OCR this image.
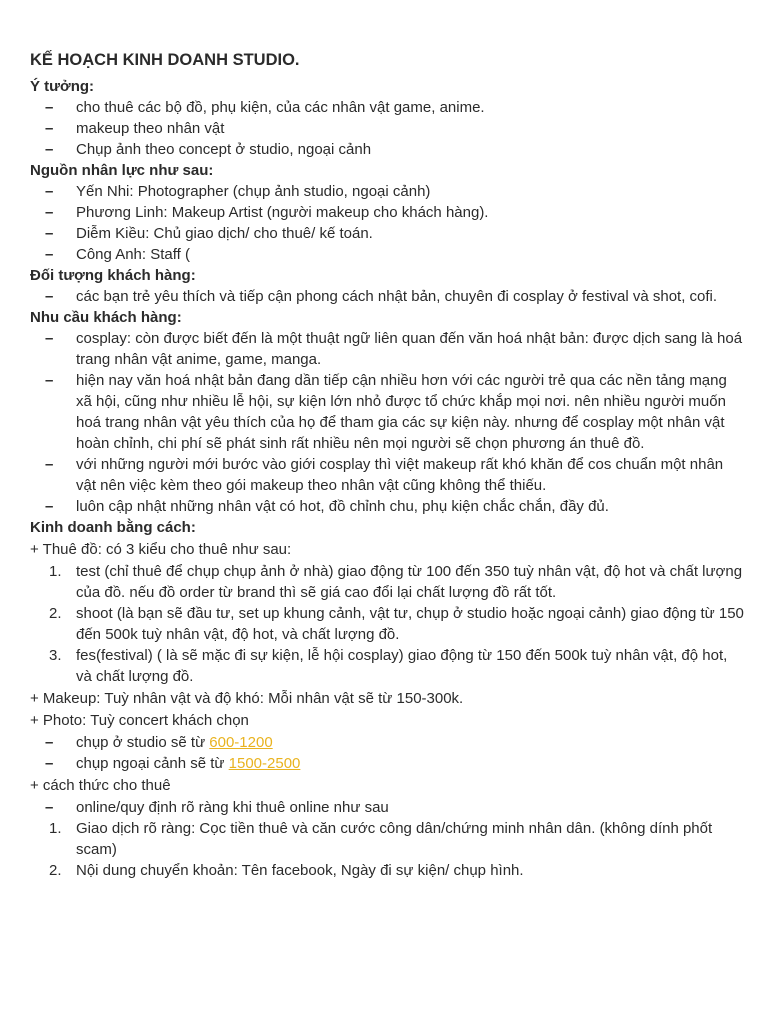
KẾ HOẠCH KINH DOANH STUDIO.
Ý tưởng:
– cho thuê các bộ đồ, phụ kiện, của các nhân vật game, anime.
– makeup theo nhân vật
– Chụp ảnh theo concept ở studio, ngoại cảnh
Nguồn nhân lực như sau:
– Yến Nhi: Photographer (chụp ảnh studio, ngoại cảnh)
– Phương Linh: Makeup Artist (người makeup cho khách hàng).
– Diễm Kiều: Chủ giao dịch/ cho thuê/ kế toán.
– Công Anh: Staff (
Đối tượng khách hàng:
– các bạn trẻ yêu thích và tiếp cận phong cách nhật bản, chuyên đi cosplay ở festival và shot, cofi.
Nhu cầu khách hàng:
– cosplay: còn được biết đến là một thuật ngữ liên quan đến văn hoá nhật bản: được dịch sang là hoá trang nhân vật anime, game, manga.
– hiện nay văn hoá nhật bản đang dần tiếp cận nhiều hơn với các người trẻ qua các nền tảng mạng xã hội, cũng như nhiều lễ hội, sự kiện lớn nhỏ được tổ chức khắp mọi nơi. nên nhiều người muốn hoá trang nhân vật yêu thích của họ để tham gia các sự kiện này. nhưng để cosplay một nhân vật hoàn chỉnh, chi phí sẽ phát sinh rất nhiều nên mọi người sẽ chọn phương án thuê đồ.
– với những người mới bước vào giới cosplay thì việt makeup rất khó khăn để cos chuẩn một nhân vật nên việc kèm theo gói makeup theo nhân vật cũng không thể thiếu.
– luôn cập nhật những nhân vật có hot, đồ chỉnh chu, phụ kiện chắc chắn, đầy đủ.
Kinh doanh bằng cách:
+ Thuê đồ: có 3 kiểu cho thuê như sau:
1. test (chỉ thuê để chụp chụp ảnh ở nhà) giao động từ 100 đến 350 tuỳ nhân vật, độ hot và chất lượng của đồ. nếu đồ order từ brand thì sẽ giá cao đổi lại chất lượng đồ rất tốt.
2. shoot (là bạn sẽ đầu tư, set up khung cảnh, vật tư, chụp ở studio hoặc ngoại cảnh) giao động từ 150 đến 500k tuỳ nhân vật, độ hot, và chất lượng đồ.
3. fes(festival) ( là sẽ mặc đi sự kiện, lễ hội cosplay) giao động từ 150 đến 500k tuỳ nhân vật, độ hot, và chất lượng đồ.
+ Makeup: Tuỳ nhân vật và độ khó: Mỗi nhân vật sẽ từ 150-300k.
+ Photo: Tuỳ concert khách chọn
– chụp ở studio sẽ từ 600-1200
– chụp ngoại cảnh sẽ từ 1500-2500
+ cách thức cho thuê
– online/quy định rõ ràng khi thuê online như sau
1. Giao dịch rõ ràng: Cọc tiền thuê và căn cước công dân/chứng minh nhân dân. (không dính phốt scam)
2. Nội dung chuyển khoản: Tên facebook, Ngày đi sự kiện/ chụp hình.
